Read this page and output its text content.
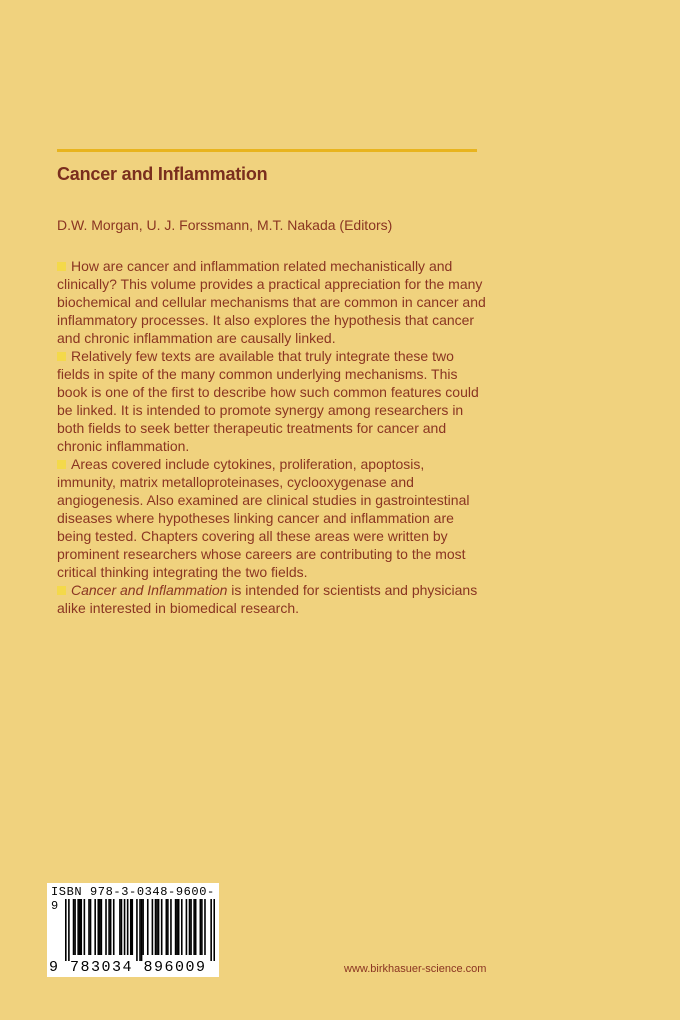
Cancer and Inflammation
D.W. Morgan, U. J. Forssmann, M.T. Nakada (Editors)

How are cancer and inflammation related mechanistically and clinically? This volume provides a practical appreciation for the many biochemical and cellular mechanisms that are common in cancer and inflammatory processes. It also explores the hypothesis that cancer and chronic inflammation are causally linked.

Relatively few texts are available that truly integrate these two fields in spite of the many common underlying mechanisms. This book is one of the first to describe how such common features could be linked. It is intended to promote synergy among researchers in both fields to seek better therapeutic treatments for cancer and chronic inflammation.

Areas covered include cytokines, proliferation, apoptosis, immunity, matrix metalloproteinases, cyclooxygenase and angiogenesis. Also examined are clinical studies in gastrointestinal diseases where hypotheses linking cancer and inflammation are being tested. Chapters covering all these areas were written by prominent researchers whose careers are contributing to the most critical thinking integrating the two fields.

Cancer and Inflammation is intended for scientists and physicians alike interested in biomedical research.

ISBN 978-3-0348-9600-9
9 783034 896009	www.birkhasuer-science.com
